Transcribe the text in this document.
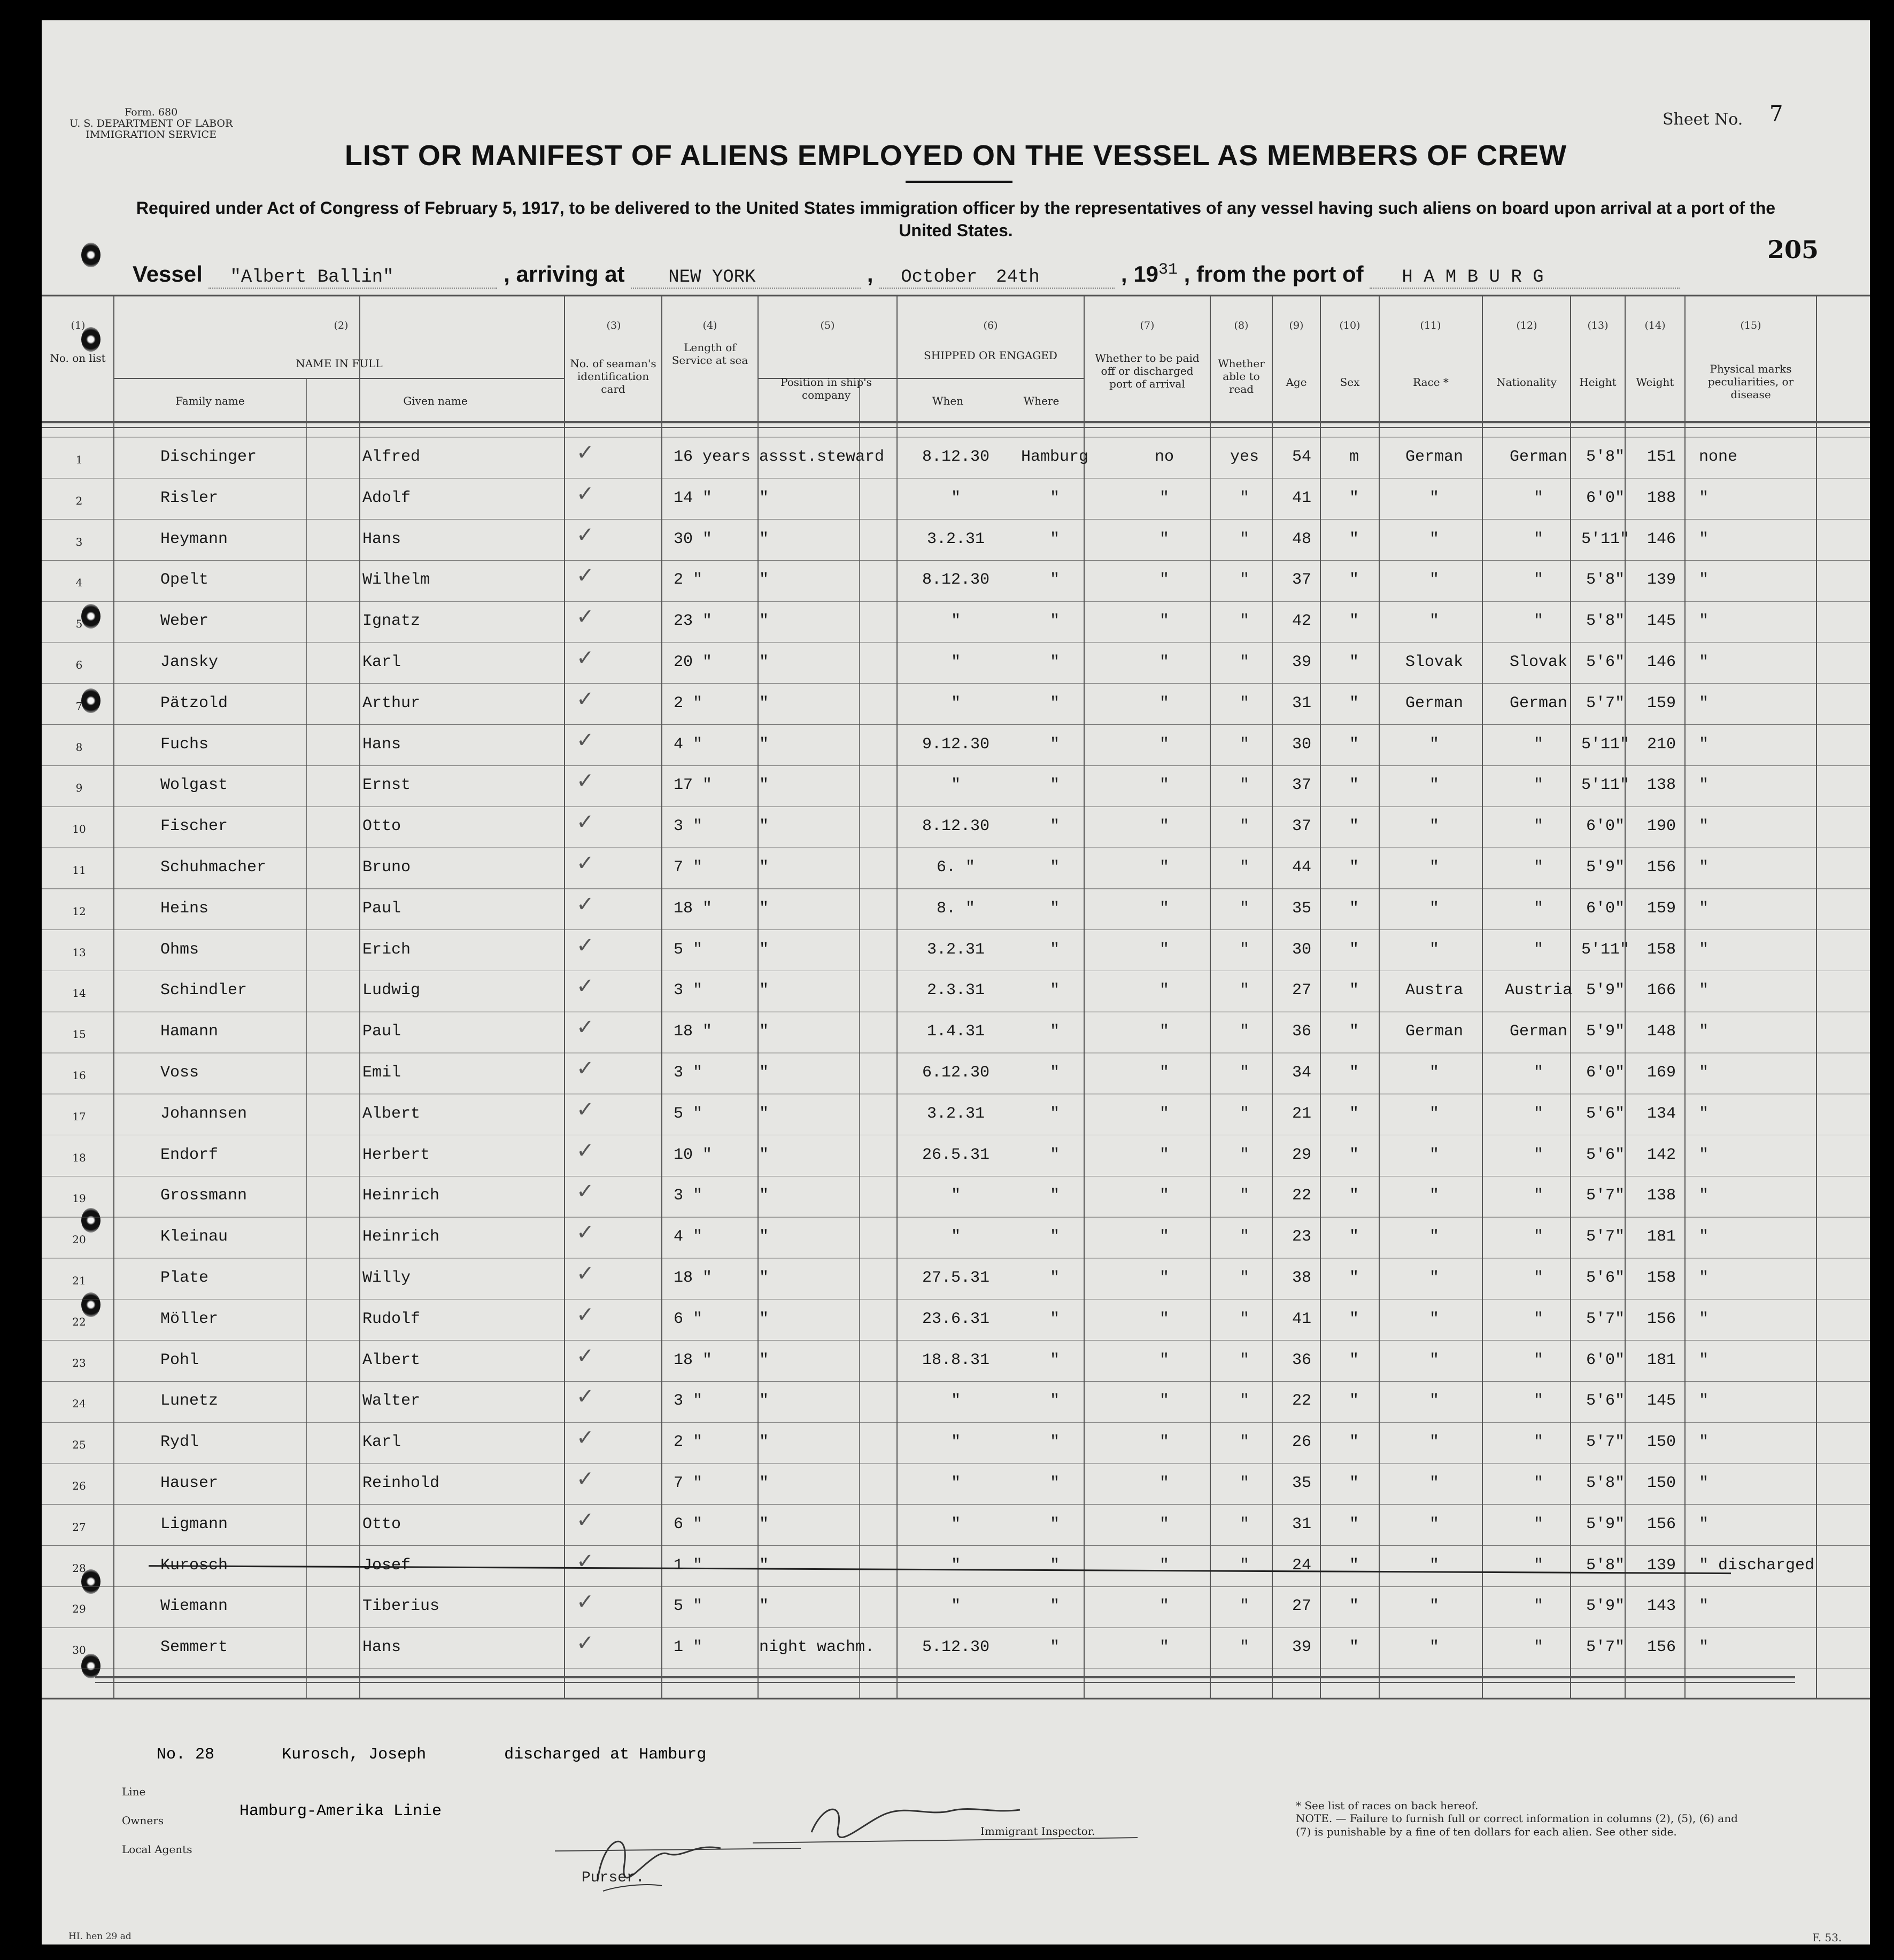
Form. 680
U. S. DEPARTMENT OF LABOR
IMMIGRATION SERVICE
Sheet No. 7
LIST OR MANIFEST OF ALIENS EMPLOYED ON THE VESSEL AS MEMBERS OF CREW
Required under Act of Congress of February 5, 1917, to be delivered to the United States immigration officer by the representatives of any vessel having such aliens on board upon arrival at a port of the United States.
205
Vessel "Albert Ballin"	, arriving at NEW YORK	, October 24th	, $19^{31}$ , from the port of H A M B U R G
(1)	(2)	(3)	(4)	(5)	(6)	(7)	(8)	(9)	(10)	(11)	(12)	(13)	(14)	(15)
No. on list	NAME IN FULL
Family name	Given name
No. of seaman's identification card
Length of Service at sea
Position in ship's company
SHIPPED OR ENGAGED
When	Where
Whether to be paid off or discharged port of arrival
Whether able to read
Age	Sex	Race *	Nationality	Height	Weight
Physical marks peculiarities, or disease
1	Dischinger	Alfred	✓	16 years assst.steward	8.12.30	Hamburg	no	yes	54	m	German	German	5'8"	151	none
2	Risler	Adolf	✓	14 "	"	"	"	"	"	41	"	"	"	6'0"	188	"
3	Heymann	Hans	✓	30 "	"	3.2.31	"	"	"	48	"	"	"	5'11"	146	"
4	Opelt	Wilhelm	✓	2 "	"	8.12.30	"	"	"	37	"	"	"	5'8"	139	"
5	Weber	Ignatz	✓	23 "	"	"	"	"	"	42	"	"	"	5'8"	145	"
6	Jansky	Karl	✓	20 "	"	"	"	"	"	39	"	Slovak	Slovak	5'6"	146	"
7	Pätzold	Arthur	✓	2 "	"	"	"	"	"	31	"	German	German	5'7"	159	"
8	Fuchs	Hans	✓	4 "	"	9.12.30	"	"	"	30	"	"	"	5'11"	210	"
9	Wolgast	Ernst	✓	17 "	"	"	"	"	"	37	"	"	"	5'11"	138	"
10	Fischer	Otto	✓	3 "	"	8.12.30	"	"	"	37	"	"	"	6'0"	190	"
11	Schuhmacher	Bruno	✓	7 "	"	6. "	"	"	"	44	"	"	"	5'9"	156	"
12	Heins	Paul	✓	18 "	"	8. "	"	"	"	35	"	"	"	6'0"	159	"
13	Ohms	Erich	✓	5 "	"	3.2.31	"	"	"	30	"	"	"	5'11"	158	"
14	Schindler	Ludwig	✓	3 "	"	2.3.31	"	"	"	27	"	Austra	Austria 5'9"	166	"
15	Hamann	Paul	✓	18 "	"	1.4.31	"	"	"	36	"	German	German	5'9"	148	"
16	Voss	Emil	✓	3 "	"	6.12.30	"	"	"	34	"	"	"	6'0"	169	"
17	Johannsen	Albert	✓	5 "	"	3.2.31	"	"	"	21	"	"	"	5'6"	134	"
18	Endorf	Herbert	✓	10 "	"	26.5.31	"	"	"	29	"	"	"	5'6"	142	"
19	Grossmann	Heinrich	✓	3 "	"	"	"	"	"	22	"	"	"	5'7"	138	"
20	Kleinau	Heinrich	✓	4 "	"	"	"	"	"	23	"	"	"	5'7"	181	"
21	Plate	Willy	✓	18 "	"	27.5.31	"	"	"	38	"	"	"	5'6"	158	"
22	Möller	Rudolf	✓	6 "	"	23.6.31	"	"	"	41	"	"	"	5'7"	156	"
23	Pohl	Albert	✓	18 "	"	18.8.31	"	"	"	36	"	"	"	6'0"	181	"
24	Lunetz	Walter	✓	3 "	"	"	"	"	"	22	"	"	"	5'6"	145	"
25	Rydl	Karl	✓	2 "	"	"	"	"	"	26	"	"	"	5'7"	150	"
26	Hauser	Reinhold	✓	7 "	"	"	"	"	"	35	"	"	"	5'8"	150	"
27	Ligmann	Otto	✓	6 "	"	"	"	"	"	31	"	"	"	5'9"	156	"
28	Kurosch	Josef	✓	1 "	"	"	"	"	"	24	"	"	"	5'8"	139	" discharged
29	Wiemann	Tiberius	✓	5 "	"	"	"	"	"	27	"	"	"	5'9"	143	"
30	Semmert	Hans	✓	1 "	night wachm.	5.12.30	"	"	"	39	"	"	"	5'7"	156	"
No. 28	Kurosch, Joseph	discharged at Hamburg
Line
Owners
Local Agents
Hamburg-Amerika Linie
Purser.
Immigrant Inspector.
* See list of races on back hereof.
NOTE. — Failure to furnish full or correct information in columns (2), (5), (6) and (7) is punishable by a fine of ten dollars for each alien. See other side.
HI. hen 29 ad	F. 53.
